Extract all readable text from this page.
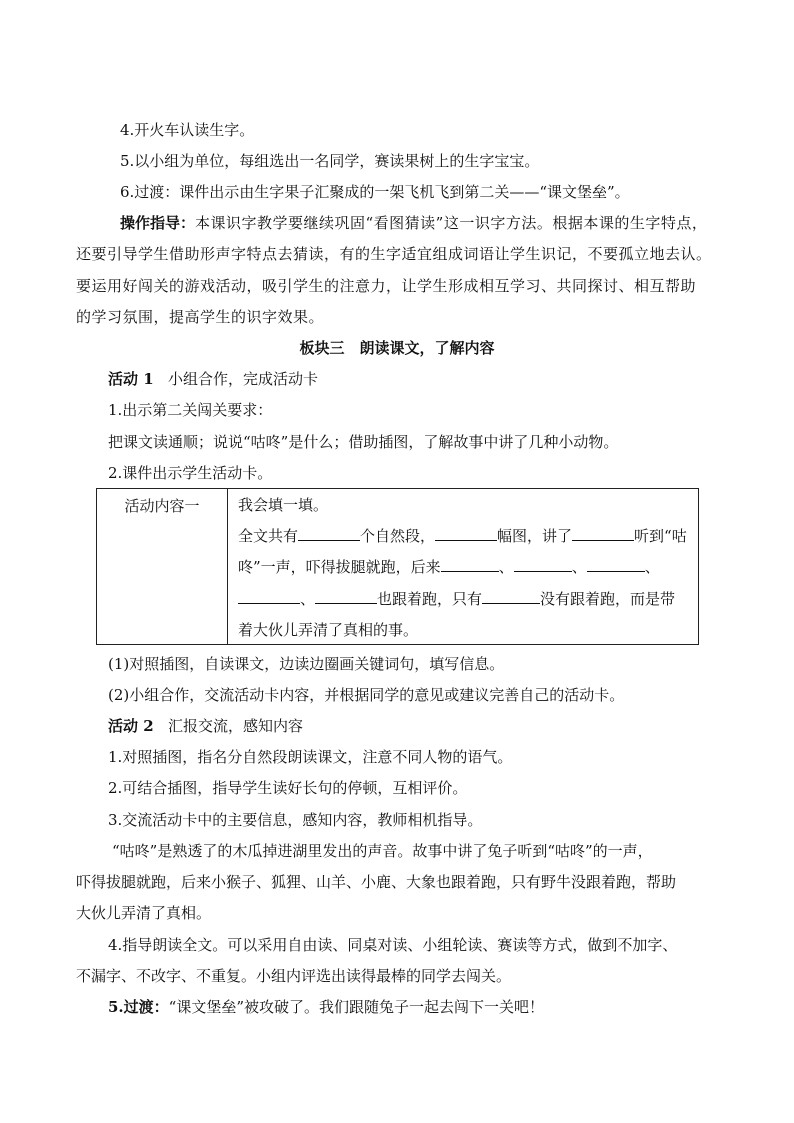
4.开火车认读生字。
5.以小组为单位，每组选出一名同学，赛读果树上的生字宝宝。
6.过渡：课件出示由生字果子汇聚成的一架飞机飞到第二关——“课文堡垒”。
操作指导：本课识字教学要继续巩固“看图猜读”这一识字方法。根据本课的生字特点，
还要引导学生借助形声字特点去猜读，有的生字适宜组成词语让学生识记，不要孤立地去认。
要运用好闯关的游戏活动，吸引学生的注意力，让学生形成相互学习、共同探讨、相互帮助
的学习氛围，提高学生的识字效果。
板块三　朗读课文，了解内容
活动 1 小组合作，完成活动卡
1.出示第二关闯关要求：
把课文读通顺；说说“咕咚”是什么；借助插图，了解故事中讲了几种小动物。
2.课件出示学生活动卡。
活动内容一	我会填一填。
全文共有	个自然段，	幅图，讲了	听到“咕
咚”一声，吓得拔腿就跑，后来	、	、	、
、	也跟着跑，只有	没有跟着跑，而是带
着大伙儿弄清了真相的事。
(1)对照插图，自读课文，边读边圈画关键词句，填写信息。
(2)小组合作，交流活动卡内容，并根据同学的意见或建议完善自己的活动卡。
活动 2 汇报交流，感知内容
1.对照插图，指名分自然段朗读课文，注意不同人物的语气。
2.可结合插图，指导学生读好长句的停顿，互相评价。
3.交流活动卡中的主要信息，感知内容，教师相机指导。
“咕咚”是熟透了的木瓜掉进湖里发出的声音。故事中讲了兔子听到“咕咚”的一声，
吓得拔腿就跑，后来小猴子、狐狸、山羊、小鹿、大象也跟着跑，只有野牛没跟着跑，帮助
大伙儿弄清了真相。
4.指导朗读全文。可以采用自由读、同桌对读、小组轮读、赛读等方式，做到不加字、
不漏字、不改字、不重复。小组内评选出读得最棒的同学去闯关。
5.过渡：“课文堡垒”被攻破了。我们跟随兔子一起去闯下一关吧！
